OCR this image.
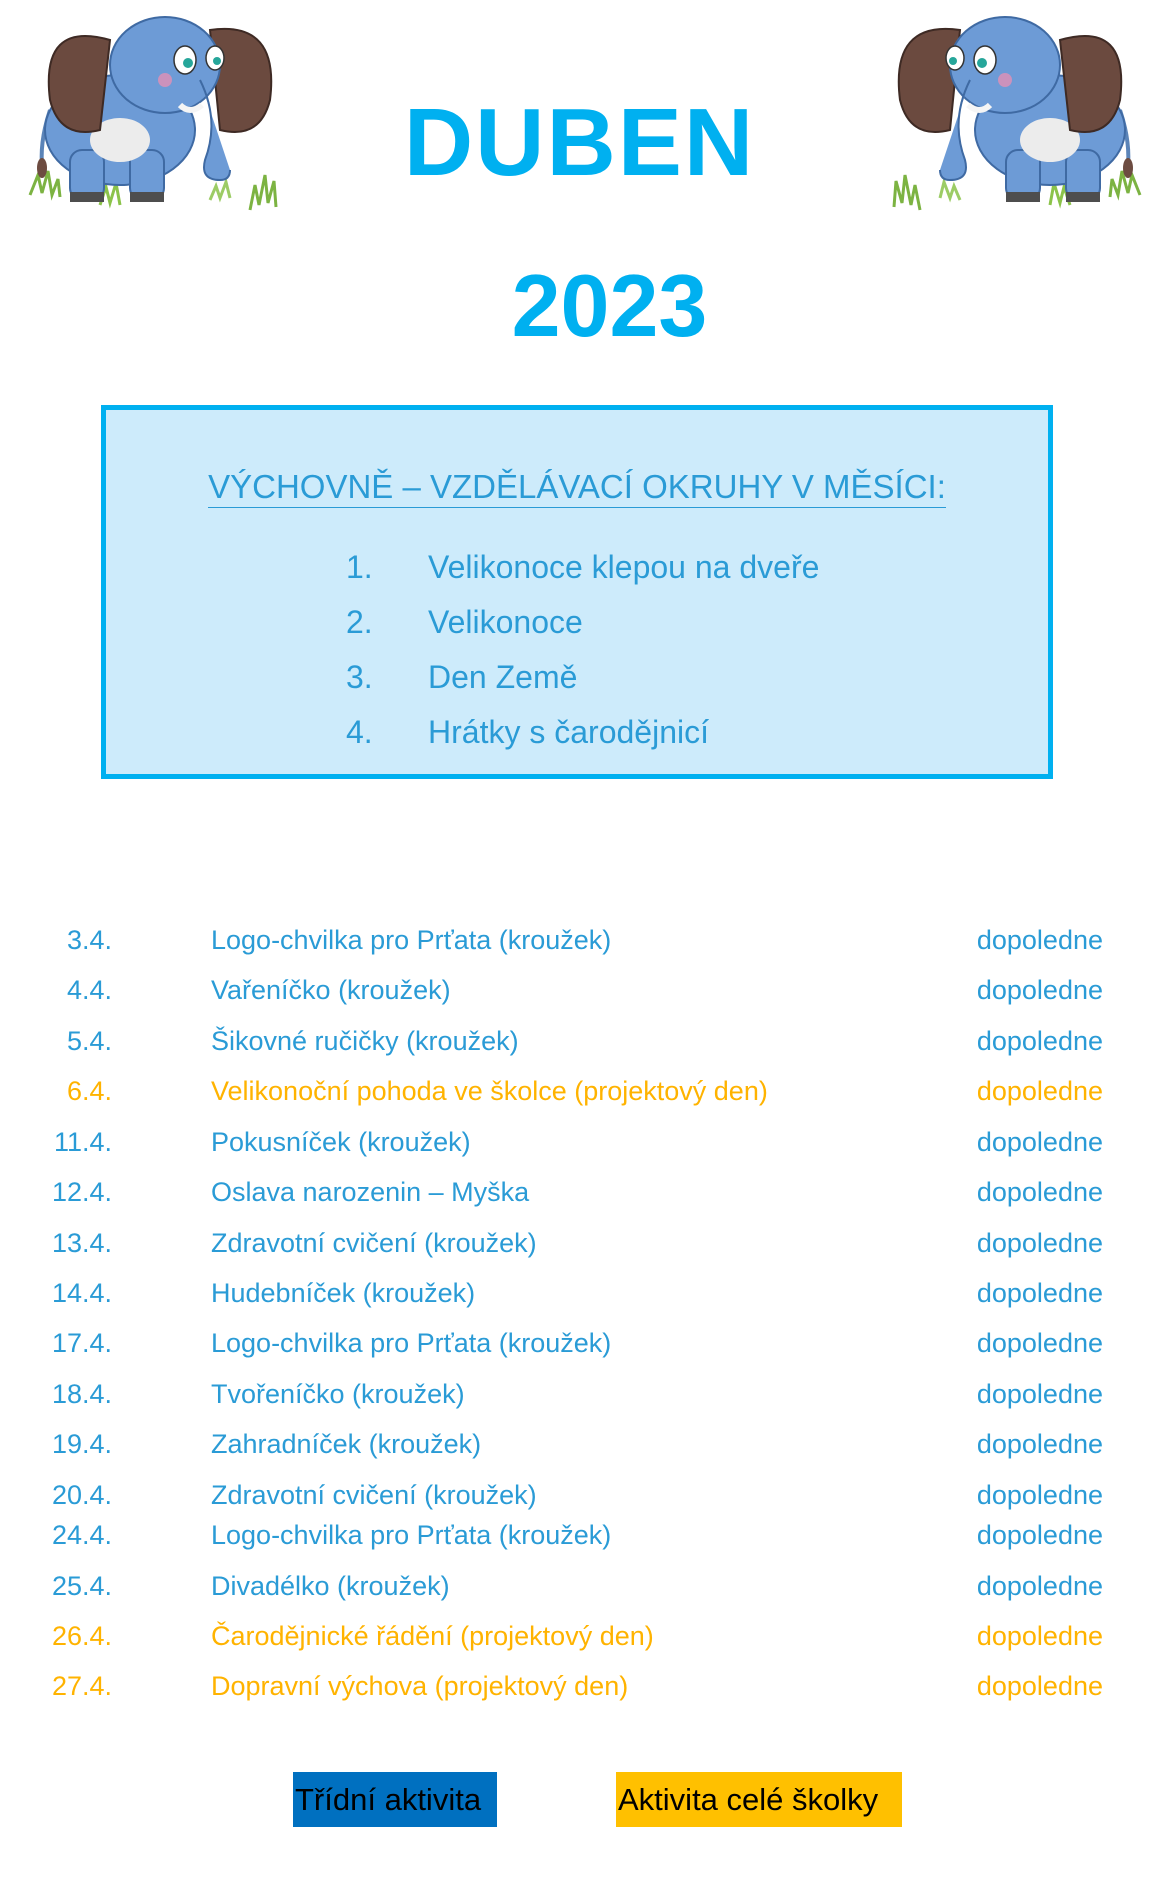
DUBEN
2023
VÝCHOVNĚ – VZDĚLÁVACÍ OKRUHY V MĚSÍCI:
1.	Velikonoce klepou na dveře
2.	Velikonoce
3.	Den Země
4.	Hrátky s čarodějnicí
3.4.	Logo-chvilka pro Prťata (kroužek)	dopoledne
4.4.	Vařeníčko (kroužek)	dopoledne
5.4.	Šikovné ručičky (kroužek)	dopoledne
6.4.	Velikonoční pohoda ve školce (projektový den)	dopoledne
11.4.	Pokusníček (kroužek)	dopoledne
12.4.	Oslava narozenin – Myška	dopoledne
13.4.	Zdravotní cvičení (kroužek)	dopoledne
14.4.	Hudebníček (kroužek)	dopoledne
17.4.	Logo-chvilka pro Prťata (kroužek)	dopoledne
18.4.	Tvořeníčko (kroužek)	dopoledne
19.4.	Zahradníček (kroužek)	dopoledne
20.4.	Zdravotní cvičení (kroužek)	dopoledne
24.4.	Logo-chvilka pro Prťata (kroužek)	dopoledne
25.4.	Divadélko (kroužek)	dopoledne
26.4.	Čarodějnické řádění (projektový den)	dopoledne
27.4.	Dopravní výchova (projektový den)	dopoledne
Třídní aktivita	Aktivita celé školky
